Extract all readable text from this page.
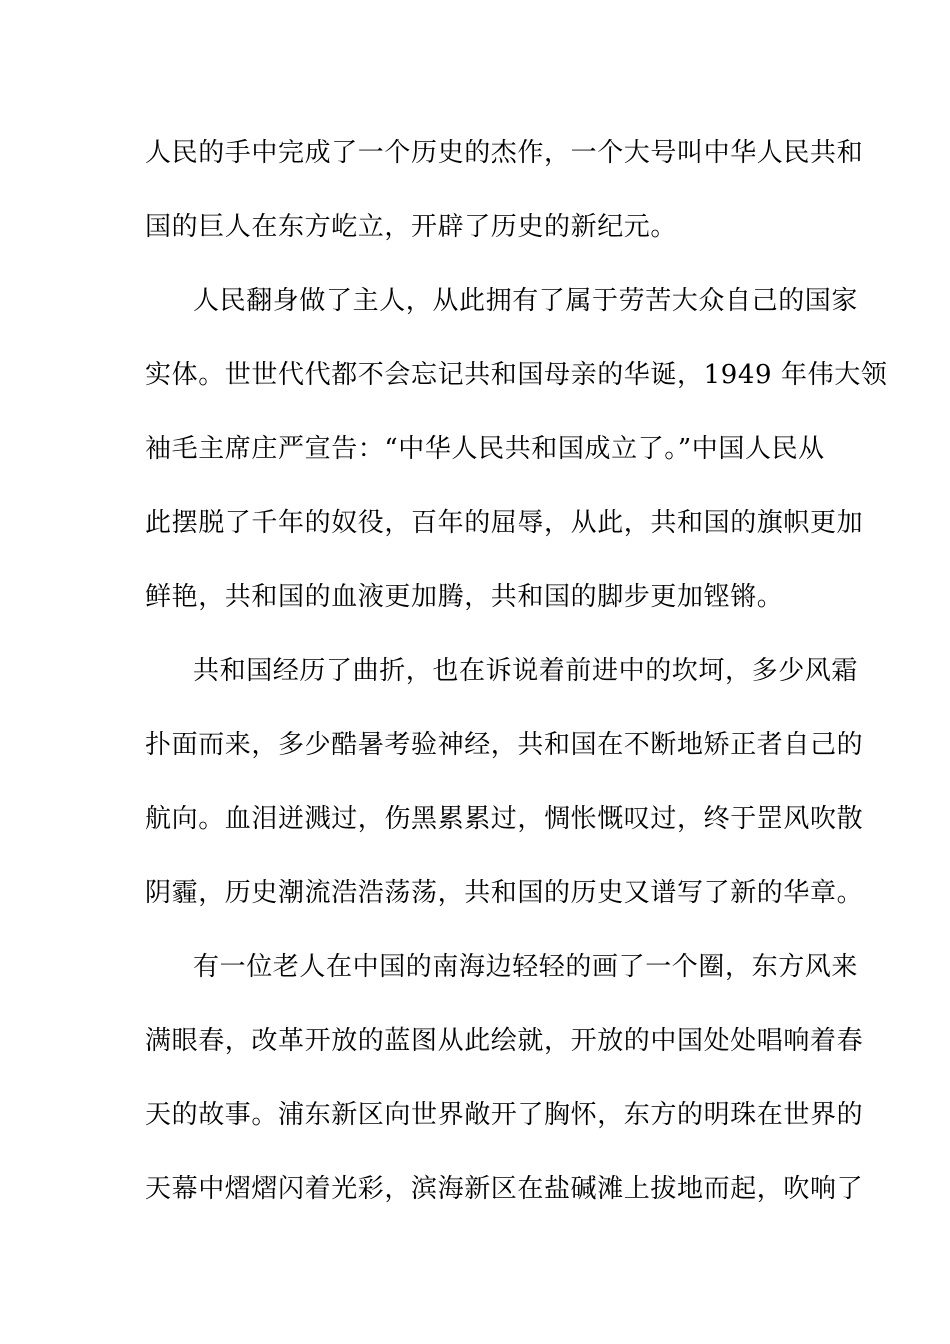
人民的手中完成了一个历史的杰作，一个大号叫中华人民共和
国的巨人在东方屹立，开辟了历史的新纪元。
人民翻身做了主人，从此拥有了属于劳苦大众自己的国家
实体。世世代代都不会忘记共和国母亲的华诞，1949 年伟大领
袖毛主席庄严宣告：“中华人民共和国成立了。”中国人民从
此摆脱了千年的奴役，百年的屈辱，从此，共和国的旗帜更加
鲜艳，共和国的血液更加腾，共和国的脚步更加铿锵。
共和国经历了曲折，也在诉说着前进中的坎坷，多少风霜
扑面而来，多少酷暑考验神经，共和国在不断地矫正者自己的
航向。血泪迸溅过，伤黑累累过，惆怅慨叹过，终于罡风吹散
阴霾，历史潮流浩浩荡荡，共和国的历史又谱写了新的华章。
有一位老人在中国的南海边轻轻的画了一个圈，东方风来
满眼春，改革开放的蓝图从此绘就，开放的中国处处唱响着春
天的故事。浦东新区向世界敞开了胸怀，东方的明珠在世界的
天幕中熠熠闪着光彩，滨海新区在盐碱滩上拔地而起，吹响了
